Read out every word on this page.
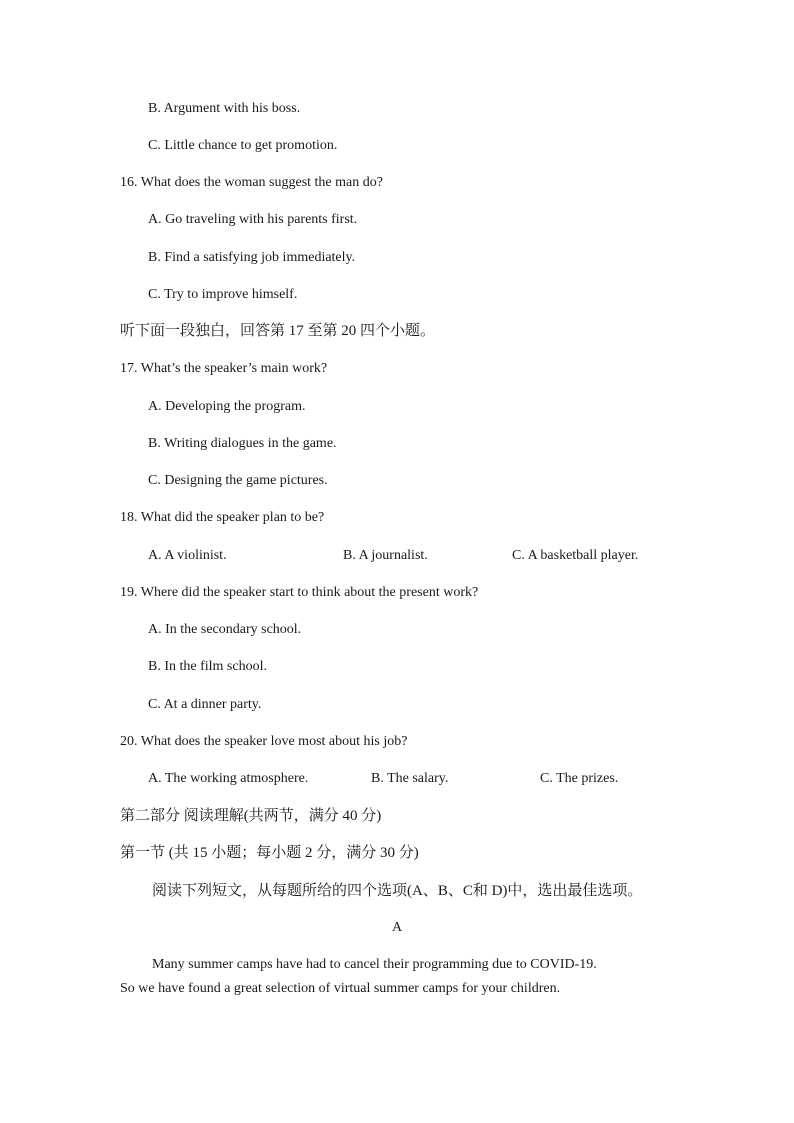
B. Argument with his boss.
C. Little chance to get promotion.
16. What does the woman suggest the man do?
A. Go traveling with his parents first.
B. Find a satisfying job immediately.
C. Try to improve himself.
听下面一段独白，回答第 17 至第 20 四个小题。
17. What’s the speaker’s main work?
A. Developing the program.
B. Writing dialogues in the game.
C. Designing the game pictures.
18. What did the speaker plan to be?
A. A violinist.	B. A journalist.	C. A basketball player.
19. Where did the speaker start to think about the present work?
A. In the secondary school.
B. In the film school.
C. At a dinner party.
20. What does the speaker love most about his job?
A. The working atmosphere.	B. The salary.	C. The prizes.
第二部分 阅读理解(共两节，满分 40 分)
第一节 (共 15 小题；每小题 2 分，满分 30 分)
阅读下列短文，从每题所给的四个选项(A、B、C和 D)中，选出最佳选项。
A
Many summer camps have had to cancel their programming due to COVID-19.
So we have found a great selection of virtual summer camps for your children.
